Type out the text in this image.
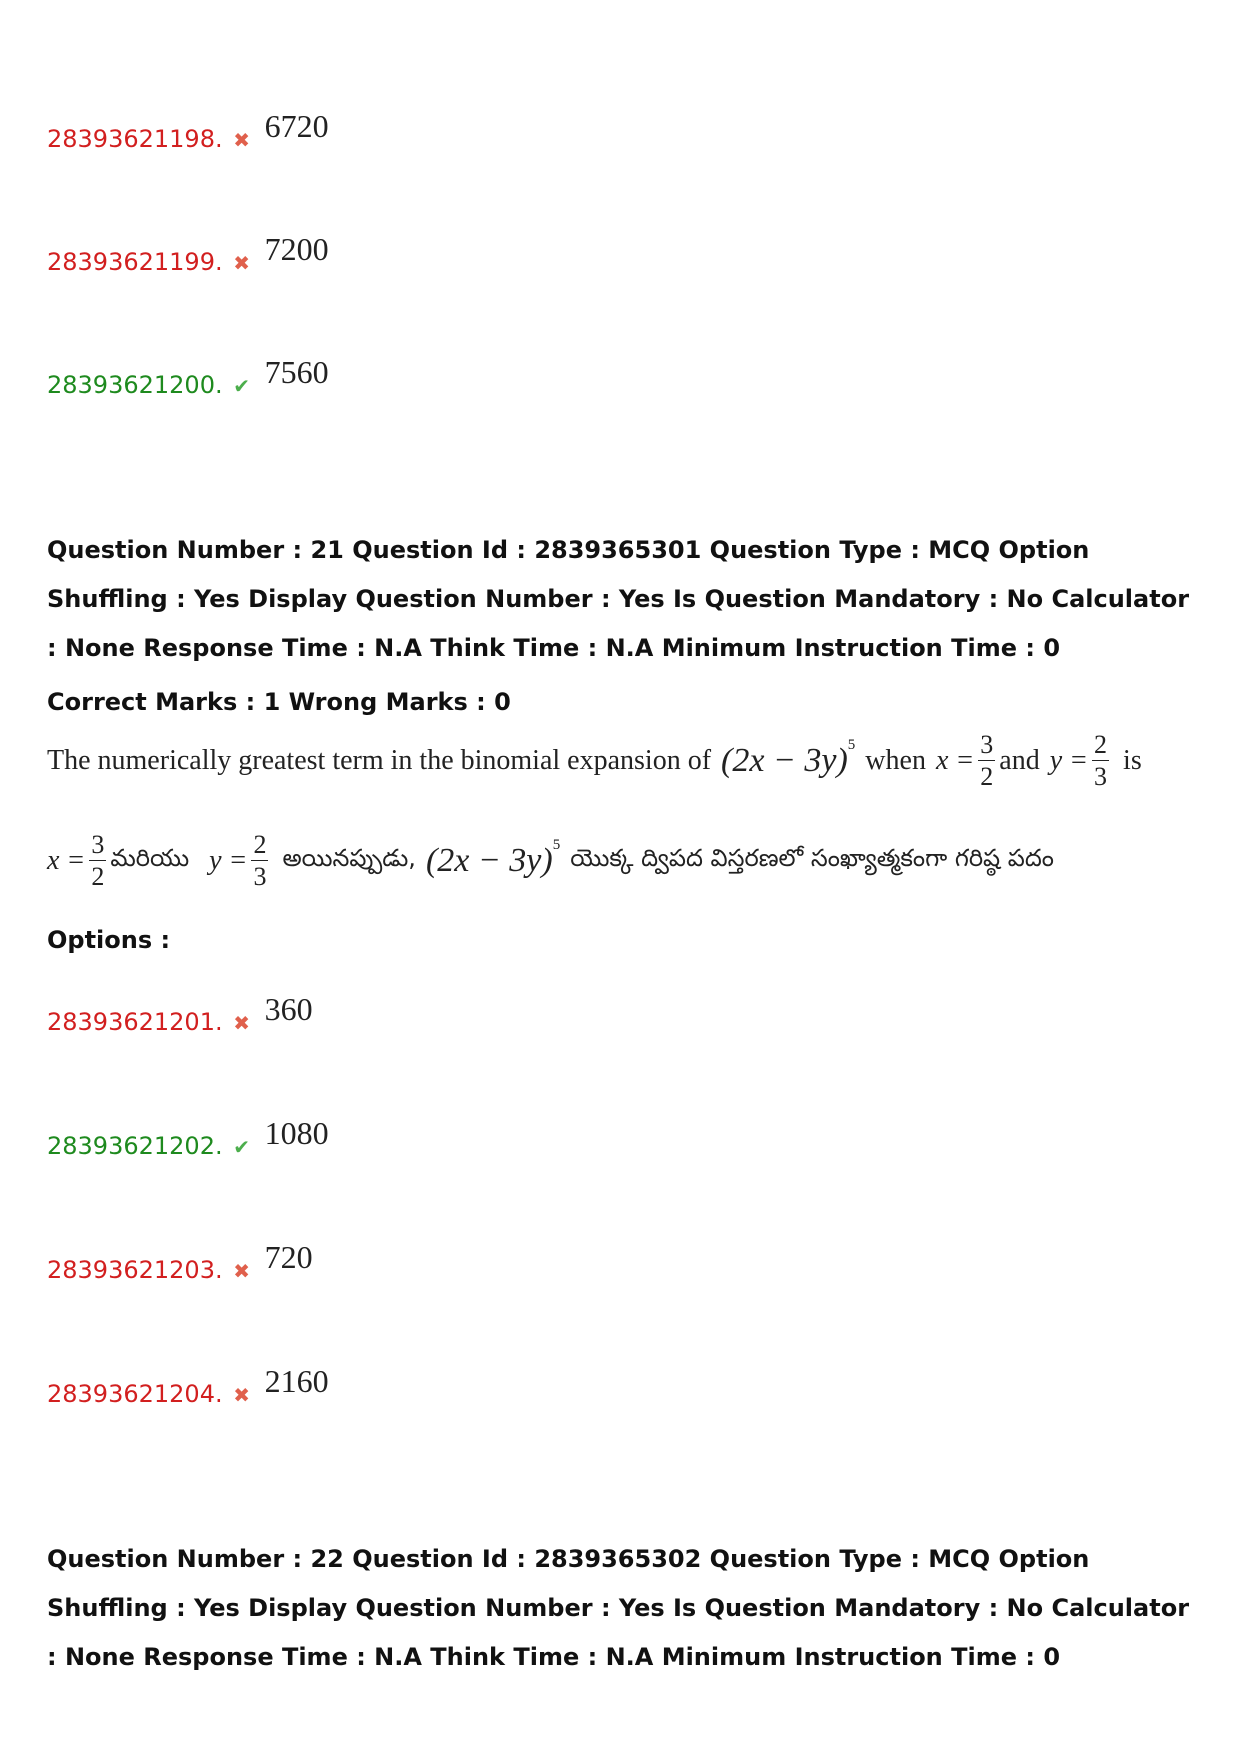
28393621198. ✖ 6720
28393621199. ✖ 7200
28393621200. ✔ 7560
Question Number : 21 Question Id : 2839365301 Question Type : MCQ Option Shuffling : Yes Display Question Number : Yes Is Question Mandatory : No Calculator : None Response Time : N.A Think Time : N.A Minimum Instruction Time : 0
Correct Marks : 1 Wrong Marks : 0
The numerically greatest term in the binomial expansion of (2x − 3y) 5
when $x = \frac{3}{2}$ and $y = \frac{2}{3}$ is
$x = \frac{3}{2}$ మరియు $y = \frac{2}{3}$ అయినప్పుడు, (2x − 3y) 5 యొక్క ద్విపద విస్తరణలో సంఖ్యాత్మకంగా గరిష్ఠ పదం
Options :
28393621201. ✖ 360
28393621202. ✔ 1080
28393621203. ✖ 720
28393621204. ✖ 2160
Question Number : 22 Question Id : 2839365302 Question Type : MCQ Option Shuffling : Yes Display Question Number : Yes Is Question Mandatory : No Calculator : None Response Time : N.A Think Time : N.A Minimum Instruction Time : 0
